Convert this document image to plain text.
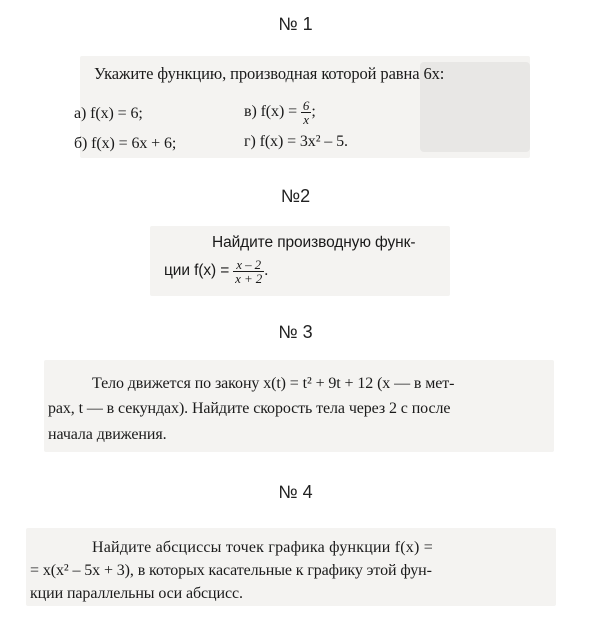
№ 1
Укажите функцию, производная которой равна 6x:
а) f(x) = 6;	в) $f(x) = \frac{6}{x}$ ;
б) f(x) = 6x + 6;	г) f(x) = 3x² – 5.
№2
Найдите производную функ-
ции $f(x) = \frac{x - 2}{x + 2}$ .
№ 3
Тело движется по закону x(t) = t² + 9t + 12 (x — в мет-
рах, t — в секундах). Найдите скорость тела через 2 с после
начала движения.
№ 4
Найдите абсциссы точек графика функции f(x) =
= x(x² – 5x + 3), в которых касательные к графику этой фун-
кции параллельны оси абсцисс.
